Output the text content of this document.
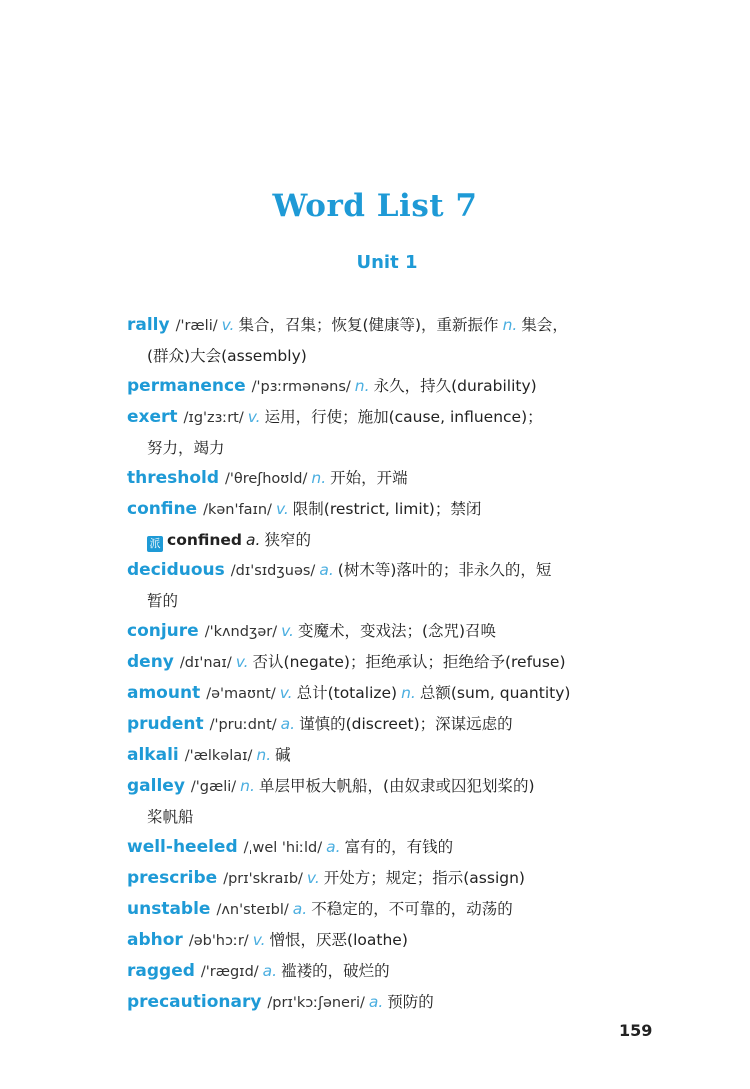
Word List 7
Unit 1
rally /'ræli/ v. 集合，召集；恢复(健康等)，重新振作 n. 集会，
(群众)大会(assembly)
permanence /'pɜːrmənəns/ n. 永久，持久(durability)
exert /ɪg'zɜːrt/ v. 运用，行使；施加(cause, influence)；
努力，竭力
threshold /'θreʃhoʊld/ n. 开始，开端
confine /kən'faɪn/ v. 限制(restrict, limit)；禁闭
派 confined a. 狭窄的
deciduous /dɪ'sɪdʒuəs/ a. (树木等)落叶的；非永久的，短
暂的
conjure /'kʌndʒər/ v. 变魔术，变戏法；(念咒)召唤
deny /dɪ'naɪ/ v. 否认(negate)；拒绝承认；拒绝给予(refuse)
amount /ə'maʊnt/ v. 总计(totalize) n. 总额(sum, quantity)
prudent /'pruːdnt/ a. 谨慎的(discreet)；深谋远虑的
alkali /'ælkəlaɪ/ n. 碱
galley /'gæli/ n. 单层甲板大帆船，(由奴隶或囚犯划桨的)
桨帆船
well-heeled /ˌwel 'hiːld/ a. 富有的，有钱的
prescribe /prɪ'skraɪb/ v. 开处方；规定；指示(assign)
unstable /ʌn'steɪbl/ a. 不稳定的，不可靠的，动荡的
abhor /əb'hɔːr/ v. 憎恨，厌恶(loathe)
ragged /'rægɪd/ a. 褴褛的，破烂的
precautionary /prɪ'kɔːʃəneri/ a. 预防的
159
